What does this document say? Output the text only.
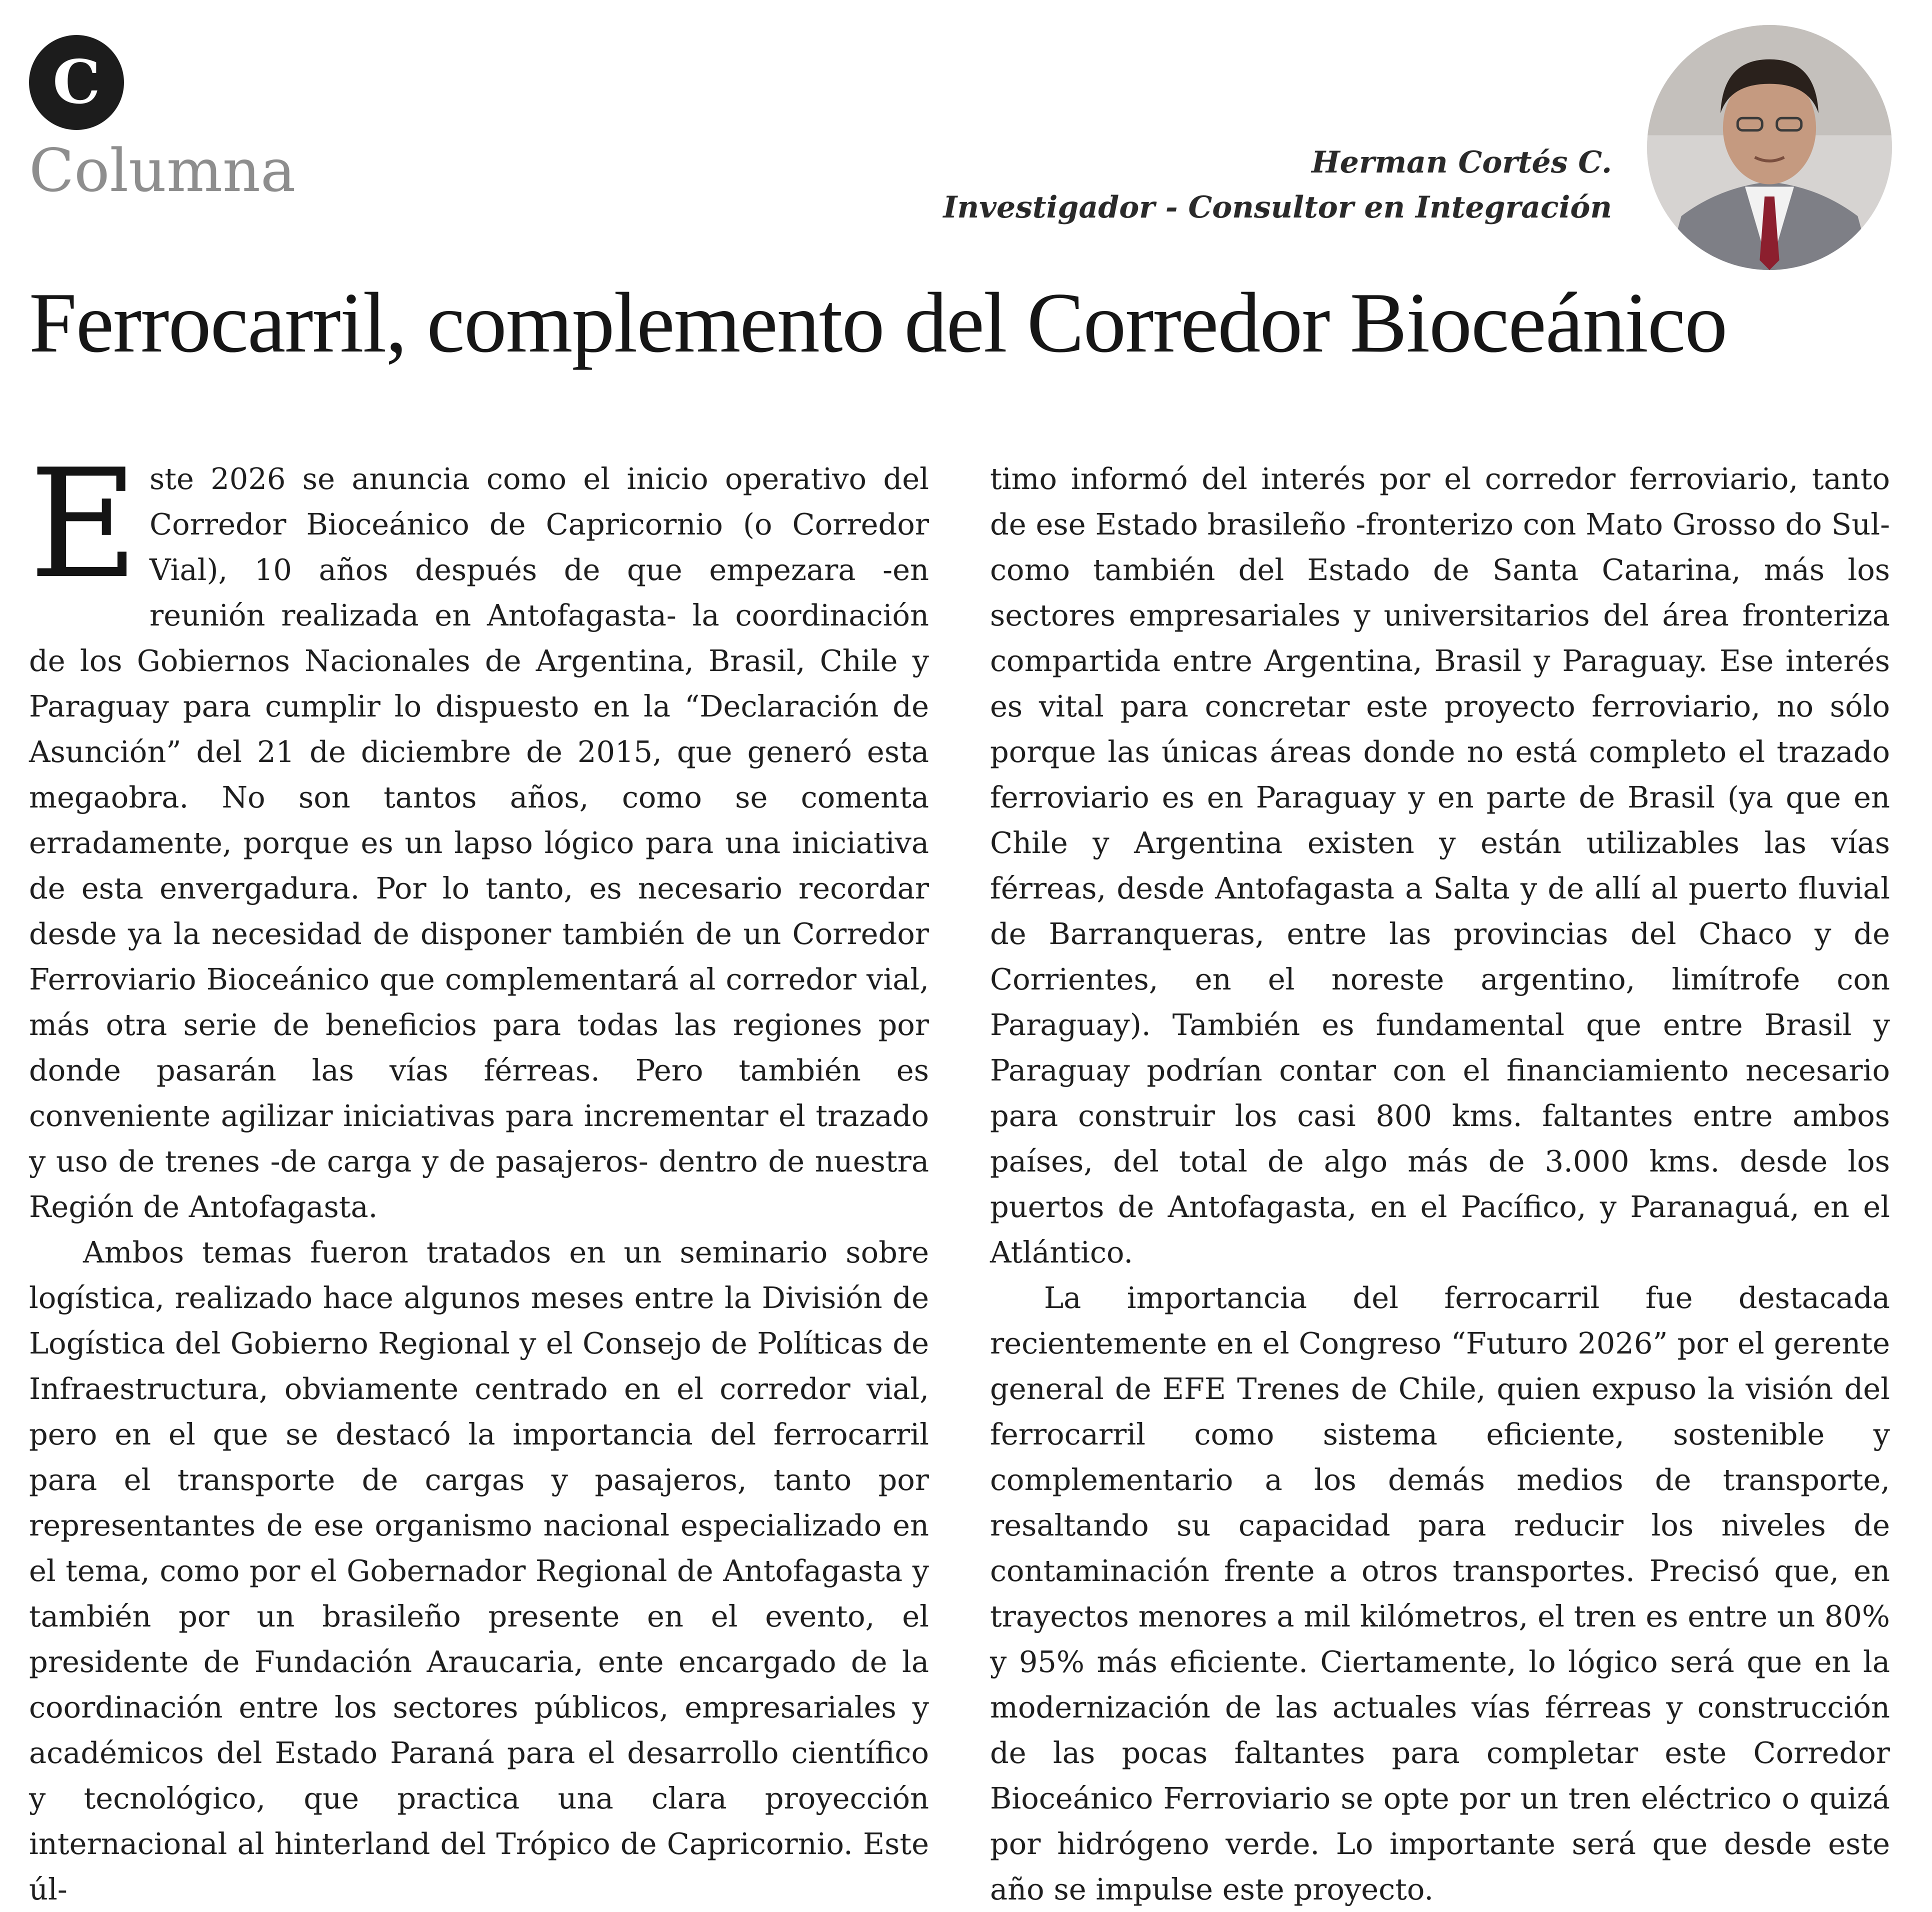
C
Columna	Herman Cortés C.
Investigador - Consultor en Integración
Ferrocarril, complemento del Corredor Bioceánico

Este 2026 se anuncia como el inicio operativo del Corredor Bioceánico de Capricornio (o Corredor Vial), 10 años después de que empezara -en reunión realizada en Antofagasta- la coordinación de los Gobiernos Nacionales de Argentina, Brasil, Chile y Paraguay para cumplir lo dispuesto en la “Declaración de Asunción” del 21 de diciembre de 2015, que generó esta megaobra. No son tantos años, como se comenta erradamente, porque es un lapso lógico para una iniciativa de esta envergadura. Por lo tanto, es necesario recordar desde ya la necesidad de disponer también de un Corredor Ferroviario Bioceánico que complementará al corredor vial, más otra serie de beneficios para todas las regiones por donde pasarán las vías férreas. Pero también es conveniente agilizar iniciativas para incrementar el trazado y uso de trenes -de carga y de pasajeros- dentro de nuestra Región de Antofagasta.

Ambos temas fueron tratados en un seminario sobre logística, realizado hace algunos meses entre la División de Logística del Gobierno Regional y el Consejo de Políticas de Infraestructura, obviamente centrado en el corredor vial, pero en el que se destacó la importancia del ferrocarril para el transporte de cargas y pasajeros, tanto por representantes de ese organismo nacional especializado en el tema, como por el Gobernador Regional de Antofagasta y también por un brasileño presente en el evento, el presidente de Fundación Araucaria, ente encargado de la coordinación entre los sectores públicos, empresariales y académicos del Estado Paraná para el desarrollo científico y tecnológico, que practica una clara proyección internacional al hinterland del Trópico de Capricornio. Este úl-

timo informó del interés por el corredor ferroviario, tanto de ese Estado brasileño -fronterizo con Mato Grosso do Sul- como también del Estado de Santa Catarina, más los sectores empresariales y universitarios del área fronteriza compartida entre Argentina, Brasil y Paraguay. Ese interés es vital para concretar este proyecto ferroviario, no sólo porque las únicas áreas donde no está completo el trazado ferroviario es en Paraguay y en parte de Brasil (ya que en Chile y Argentina existen y están utilizables las vías férreas, desde Antofagasta a Salta y de allí al puerto fluvial de Barranqueras, entre las provincias del Chaco y de Corrientes, en el noreste argentino, limítrofe con Paraguay). También es fundamental que entre Brasil y Paraguay podrían contar con el financiamiento necesario para construir los casi 800 kms. faltantes entre ambos países, del total de algo más de 3.000 kms. desde los puertos de Antofagasta, en el Pacífico, y Paranaguá, en el Atlántico.

La importancia del ferrocarril fue destacada recientemente en el Congreso “Futuro 2026” por el gerente general de EFE Trenes de Chile, quien expuso la visión del ferrocarril como sistema eficiente, sostenible y complementario a los demás medios de transporte, resaltando su capacidad para reducir los niveles de contaminación frente a otros transportes. Precisó que, en trayectos menores a mil kilómetros, el tren es entre un 80% y 95% más eficiente. Ciertamente, lo lógico será que en la modernización de las actuales vías férreas y construcción de las pocas faltantes para completar este Corredor Bioceánico Ferroviario se opte por un tren eléctrico o quizá por hidrógeno verde. Lo importante será que desde este año se impulse este proyecto.
